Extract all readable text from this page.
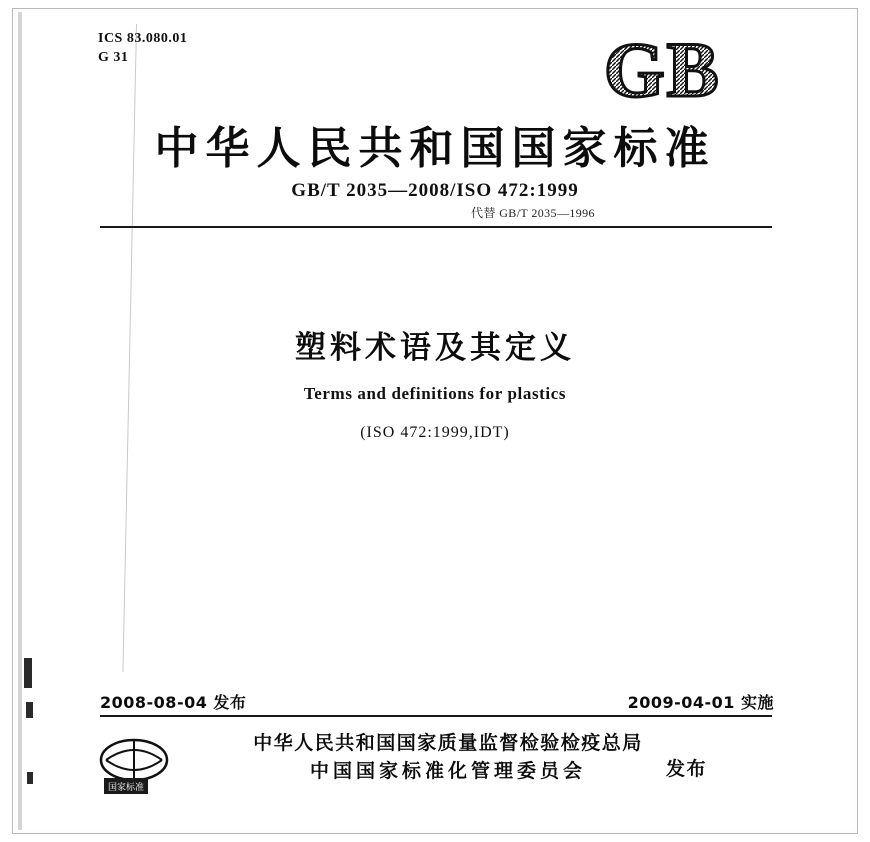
ICS 83.080.01
G 31	GB
中华人民共和国国家标准
GB/T 2035—2008/ISO 472:1999
代替 GB/T 2035—1996
塑料术语及其定义
Terms and definitions for plastics
(ISO 472:1999,IDT)
2008-08-04 发布	2009-04-01 实施
国家标准
中华人民共和国国家质量监督检验检疫总局
中国国家标准化管理委员会	发布
